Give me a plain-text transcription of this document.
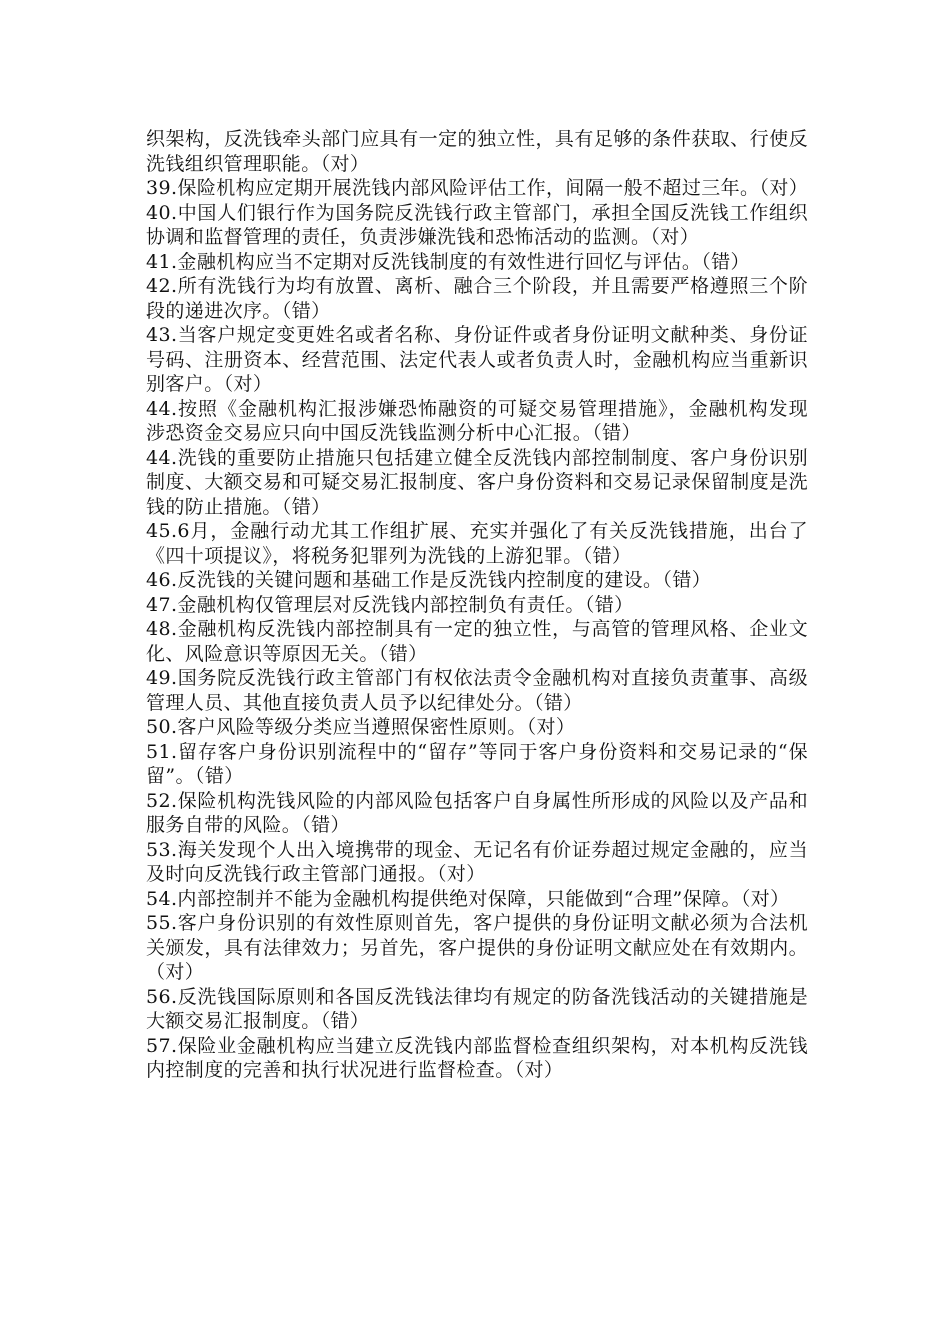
织架构，反洗钱牵头部门应具有一定的独立性，具有足够的条件获取、行使反洗钱组织管理职能。（对）

39.保险机构应定期开展洗钱内部风险评估工作，间隔一般不超过三年。（对）

40.中国人们银行作为国务院反洗钱行政主管部门，承担全国反洗钱工作组织协调和监督管理的责任，负责涉嫌洗钱和恐怖活动的监测。（对）

41.金融机构应当不定期对反洗钱制度的有效性进行回忆与评估。（错）

42.所有洗钱行为均有放置、离析、融合三个阶段，并且需要严格遵照三个阶段的递进次序。（错）

43.当客户规定变更姓名或者名称、身份证件或者身份证明文献种类、身份证号码、注册资本、经营范围、法定代表人或者负责人时，金融机构应当重新识别客户。（对）

44.按照《金融机构汇报涉嫌恐怖融资的可疑交易管理措施》，金融机构发现涉恐资金交易应只向中国反洗钱监测分析中心汇报。（错）

44.洗钱的重要防止措施只包括建立健全反洗钱内部控制制度、客户身份识别制度、大额交易和可疑交易汇报制度、客户身份资料和交易记录保留制度是洗钱的防止措施。（错）

45.6月，金融行动尤其工作组扩展、充实并强化了有关反洗钱措施，出台了《四十项提议》，将税务犯罪列为洗钱的上游犯罪。（错）

46.反洗钱的关键问题和基础工作是反洗钱内控制度的建设。（错）

47.金融机构仅管理层对反洗钱内部控制负有责任。（错）

48.金融机构反洗钱内部控制具有一定的独立性，与高管的管理风格、企业文化、风险意识等原因无关。（错）

49.国务院反洗钱行政主管部门有权依法责令金融机构对直接负责董事、高级管理人员、其他直接负责人员予以纪律处分。（错）

50.客户风险等级分类应当遵照保密性原则。（对）

51.留存客户身份识别流程中的“留存”等同于客户身份资料和交易记录的“保留”。（错）

52.保险机构洗钱风险的内部风险包括客户自身属性所形成的风险以及产品和服务自带的风险。（错）

53.海关发现个人出入境携带的现金、无记名有价证券超过规定金融的，应当及时向反洗钱行政主管部门通报。（对）

54.内部控制并不能为金融机构提供绝对保障，只能做到“合理”保障。（对）

55.客户身份识别的有效性原则首先，客户提供的身份证明文献必须为合法机关颁发，具有法律效力；另首先，客户提供的身份证明文献应处在有效期内。（对）

56.反洗钱国际原则和各国反洗钱法律均有规定的防备洗钱活动的关键措施是大额交易汇报制度。（错）

57.保险业金融机构应当建立反洗钱内部监督检查组织架构，对本机构反洗钱内控制度的完善和执行状况进行监督检查。（对）
